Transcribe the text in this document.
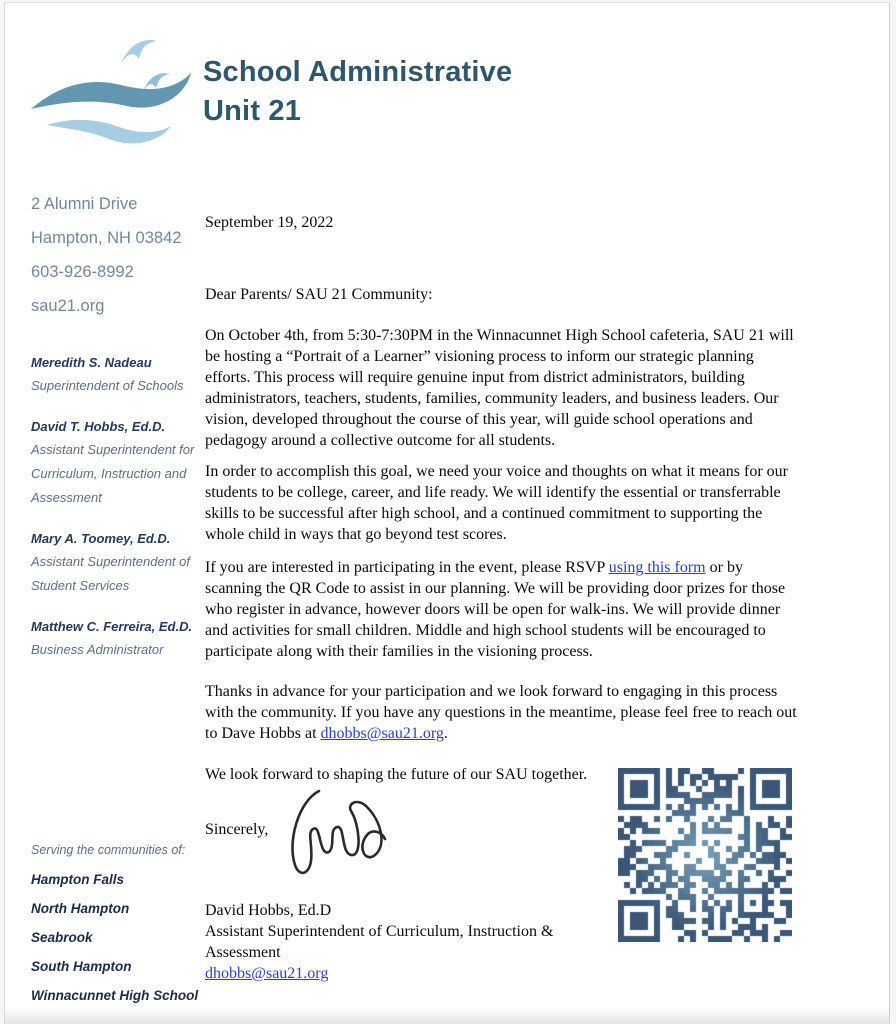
School Administrative
Unit 21
2 Alumni Drive
Hampton, NH 03842
603-926-8992
sau21.org
Meredith S. Nadeau
Superintendent of Schools
David T. Hobbs, Ed.D.
Assistant Superintendent for Curriculum, Instruction and Assessment
Mary A. Toomey, Ed.D.
Assistant Superintendent of Student Services
Matthew C. Ferreira, Ed.D.
Business Administrator
Serving the communities of:
Hampton Falls
North Hampton
Seabrook
South Hampton
Winnacunnet High School
September 19, 2022
Dear Parents/ SAU 21 Community:
On October 4th, from 5:30-7:30PM in the Winnacunnet High School cafeteria, SAU 21 will be hosting a “Portrait of a Learner” visioning process to inform our strategic planning efforts. This process will require genuine input from district administrators, building administrators, teachers, students, families, community leaders, and business leaders. Our vision, developed throughout the course of this year, will guide school operations and pedagogy around a collective outcome for all students.
In order to accomplish this goal, we need your voice and thoughts on what it means for our students to be college, career, and life ready. We will identify the essential or transferrable skills to be successful after high school, and a continued commitment to supporting the whole child in ways that go beyond test scores.
If you are interested in participating in the event, please RSVP using this form or by scanning the QR Code to assist in our planning. We will be providing door prizes for those who register in advance, however doors will be open for walk-ins. We will provide dinner and activities for small children. Middle and high school students will be encouraged to participate along with their families in the visioning process.
Thanks in advance for your participation and we look forward to engaging in this process with the community. If you have any questions in the meantime, please feel free to reach out to Dave Hobbs at dhobbs@sau21.org.
We look forward to shaping the future of our SAU together.
Sincerely,
David Hobbs, Ed.D
Assistant Superintendent of Curriculum, Instruction & Assessment
dhobbs@sau21.org
